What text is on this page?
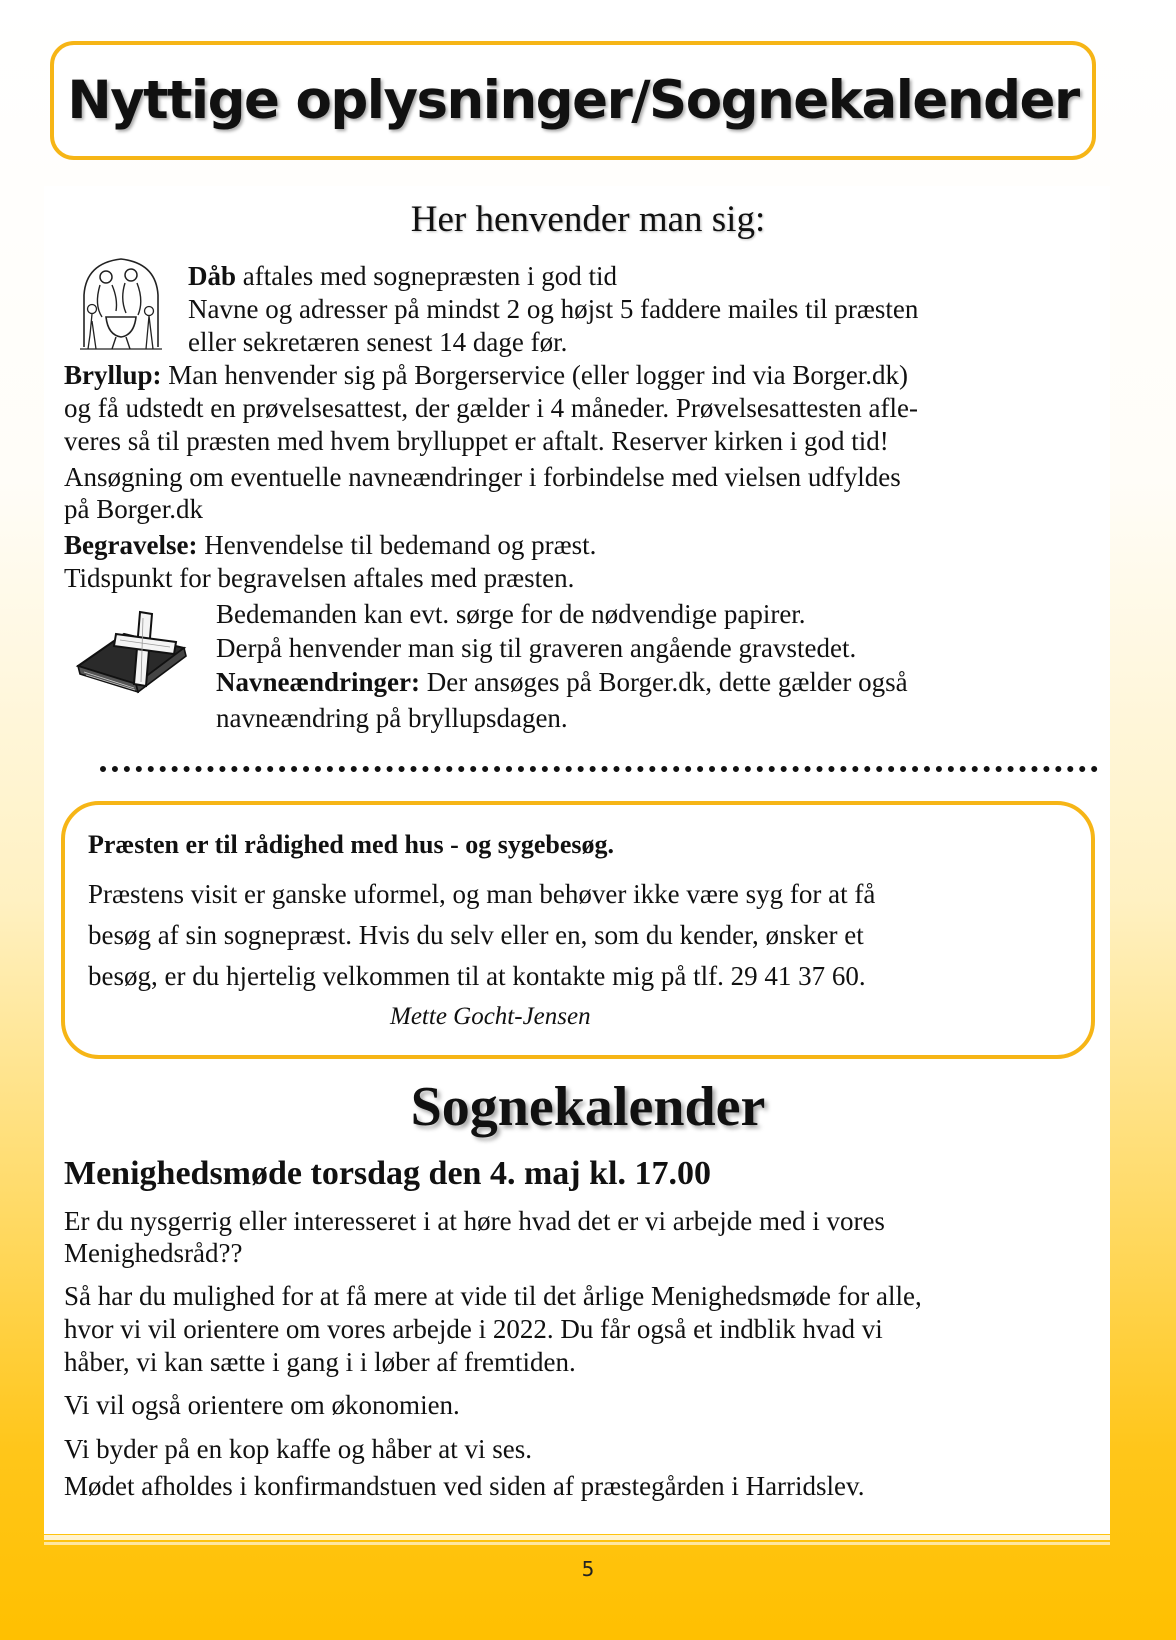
Nyttige oplysninger/Sognekalender
Her henvender man sig:
Dåb aftales med sognepræsten i god tid
Navne og adresser på mindst 2 og højst 5 faddere mailes til præsten
eller sekretæren senest 14 dage før.
Bryllup: Man henvender sig på Borgerservice (eller logger ind via Borger.dk)
og få udstedt en prøvelsesattest, der gælder i 4 måneder. Prøvelsesattesten afle-
veres så til præsten med hvem brylluppet er aftalt. Reserver kirken i god tid!
Ansøgning om eventuelle navneændringer i forbindelse med vielsen udfyldes
på Borger.dk
Begravelse: Henvendelse til bedemand og præst.
Tidspunkt for begravelsen aftales med præsten.
Bedemanden kan evt. sørge for de nødvendige papirer.
Derpå henvender man sig til graveren angående gravstedet.
Navneændringer: Der ansøges på Borger.dk, dette gælder også
navneændring på bryllupsdagen.
Præsten er til rådighed med hus - og sygebesøg.
Præstens visit er ganske uformel, og man behøver ikke være syg for at få
besøg af sin sognepræst. Hvis du selv eller en, som du kender, ønsker et
besøg, er du hjertelig velkommen til at kontakte mig på tlf. 29 41 37 60.
Mette Gocht-Jensen
Sognekalender
Menighedsmøde torsdag den 4. maj kl. 17.00
Er du nysgerrig eller interesseret i at høre hvad det er vi arbejde med i vores
Menighedsråd??
Så har du mulighed for at få mere at vide til det årlige Menighedsmøde for alle,
hvor vi vil orientere om vores arbejde i 2022. Du får også et indblik hvad vi
håber, vi kan sætte i gang i i løber af fremtiden.
Vi vil også orientere om økonomien.
Vi byder på en kop kaffe og håber at vi ses.
Mødet afholdes i konfirmandstuen ved siden af præstegården i Harridslev.
5
